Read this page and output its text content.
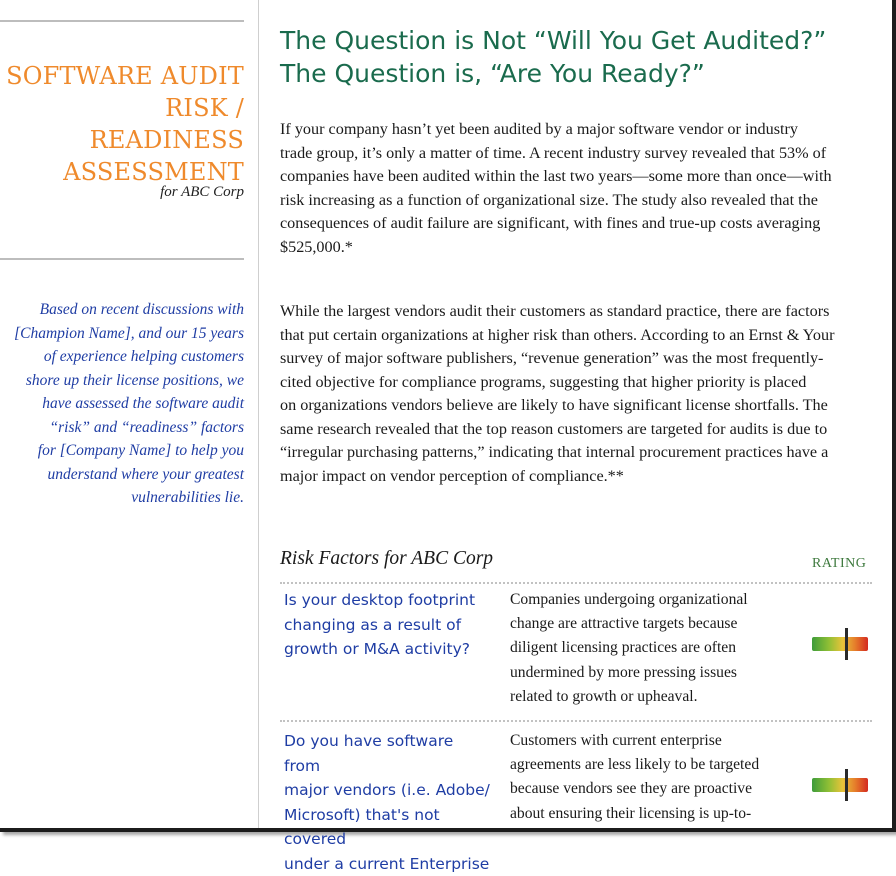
SOFTWARE AUDIT
RISK / READINESS
ASSESSMENT
for ABC Corp
Based on recent discussions with
[Champion Name], and our 15 years
of experience helping customers
shore up their license positions, we
have assessed the software audit
“risk” and “readiness” factors
for [Company Name] to help you
understand where your greatest
vulnerabilities lie.
The Question is Not “Will You Get Audited?”
The Question is, “Are You Ready?”
If your company hasn’t yet been audited by a major software vendor or industry
trade group, it’s only a matter of time. A recent industry survey revealed that 53% of
companies have been audited within the last two years—some more than once—with
risk increasing as a function of organizational size. The study also revealed that the
consequences of audit failure are significant, with fines and true-up costs averaging
$525,000.*
While the largest vendors audit their customers as standard practice, there are factors
that put certain organizations at higher risk than others. According to an Ernst & Your
survey of major software publishers, “revenue generation” was the most frequently-
cited objective for compliance programs, suggesting that higher priority is placed
on organizations vendors believe are likely to have significant license shortfalls. The
same research revealed that the top reason customers are targeted for audits is due to
“irregular purchasing patterns,” indicating that internal procurement practices have a
major impact on vendor perception of compliance.**
Risk Factors for ABC Corp	RATING
Is your desktop footprint
changing as a result of
growth or M&A activity?
Companies undergoing organizational
change are attractive targets because
diligent licensing practices are often
undermined by more pressing issues
related to growth or upheaval.
Do you have software from
major vendors (i.e. Adobe/
Microsoft) that's not covered
under a current Enterprise
Customers with current enterprise
agreements are less likely to be targeted
because vendors see they are proactive
about ensuring their licensing is up-to-
